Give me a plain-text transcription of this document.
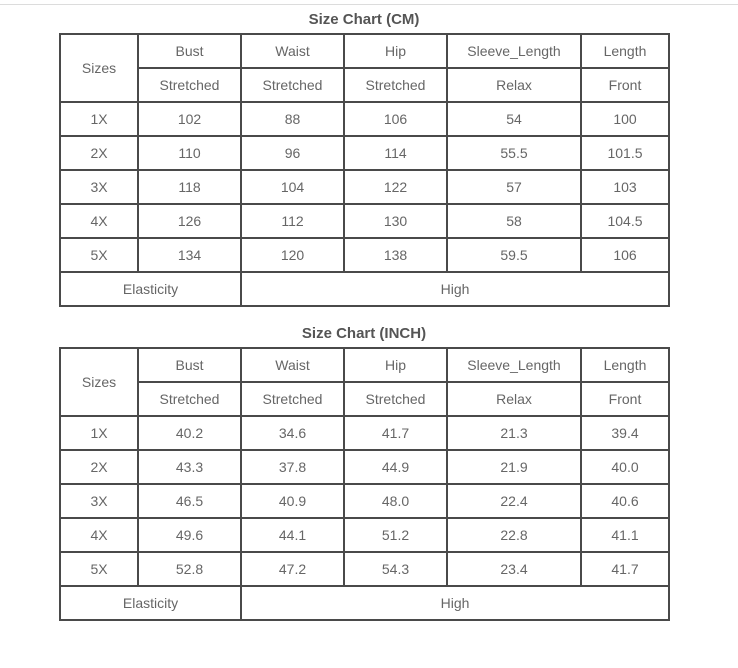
Size Chart (CM)
Sizes	Bust	Waist	Hip	Sleeve_Length	Length
	Stretched	Stretched	Stretched	Relax	Front
1X	102	88	106	54	100
2X	110	96	114	55.5	101.5
3X	118	104	122	57	103
4X	126	112	130	58	104.5
5X	134	120	138	59.5	106
Elasticity		High			
Size Chart (INCH)
Sizes	Bust	Waist	Hip	Sleeve_Length	Length
	Stretched	Stretched	Stretched	Relax	Front
1X	40.2	34.6	41.7	21.3	39.4
2X	43.3	37.8	44.9	21.9	40.0
3X	46.5	40.9	48.0	22.4	40.6
4X	49.6	44.1	51.2	22.8	41.1
5X	52.8	47.2	54.3	23.4	41.7
Elasticity		High			
